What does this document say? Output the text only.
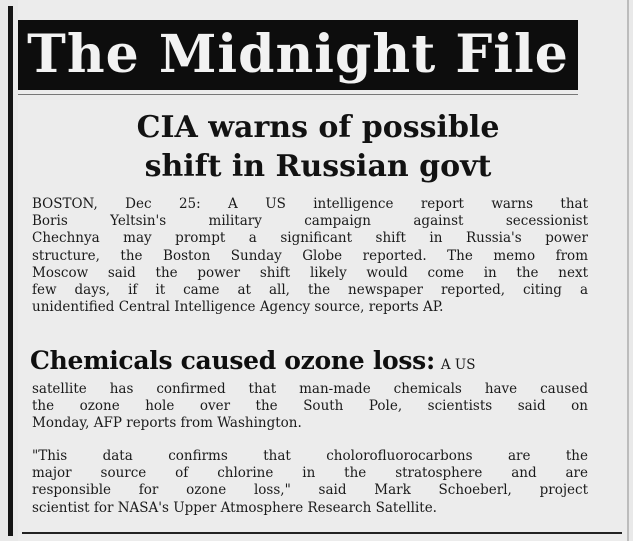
The Midnight File
CIA warns of possible
shift in Russian govt
BOSTON, Dec 25: A US intelligence report warns that
Boris Yeltsin's military campaign against secessionist
Chechnya may prompt a significant shift in Russia's power
structure, the Boston Sunday Globe reported. The memo from
Moscow said the power shift likely would come in the next
few days, if it came at all, the newspaper reported, citing a
unidentified Central Intelligence Agency source, reports AP.
Chemicals caused ozone loss: A US
satellite has confirmed that man-made chemicals have caused
the ozone hole over the South Pole, scientists said on
Monday, AFP reports from Washington.
"This data confirms that cholorofluorocarbons are the
major source of chlorine in the stratosphere and are
responsible for ozone loss," said Mark Schoeberl, project
scientist for NASA's Upper Atmosphere Research Satellite.
